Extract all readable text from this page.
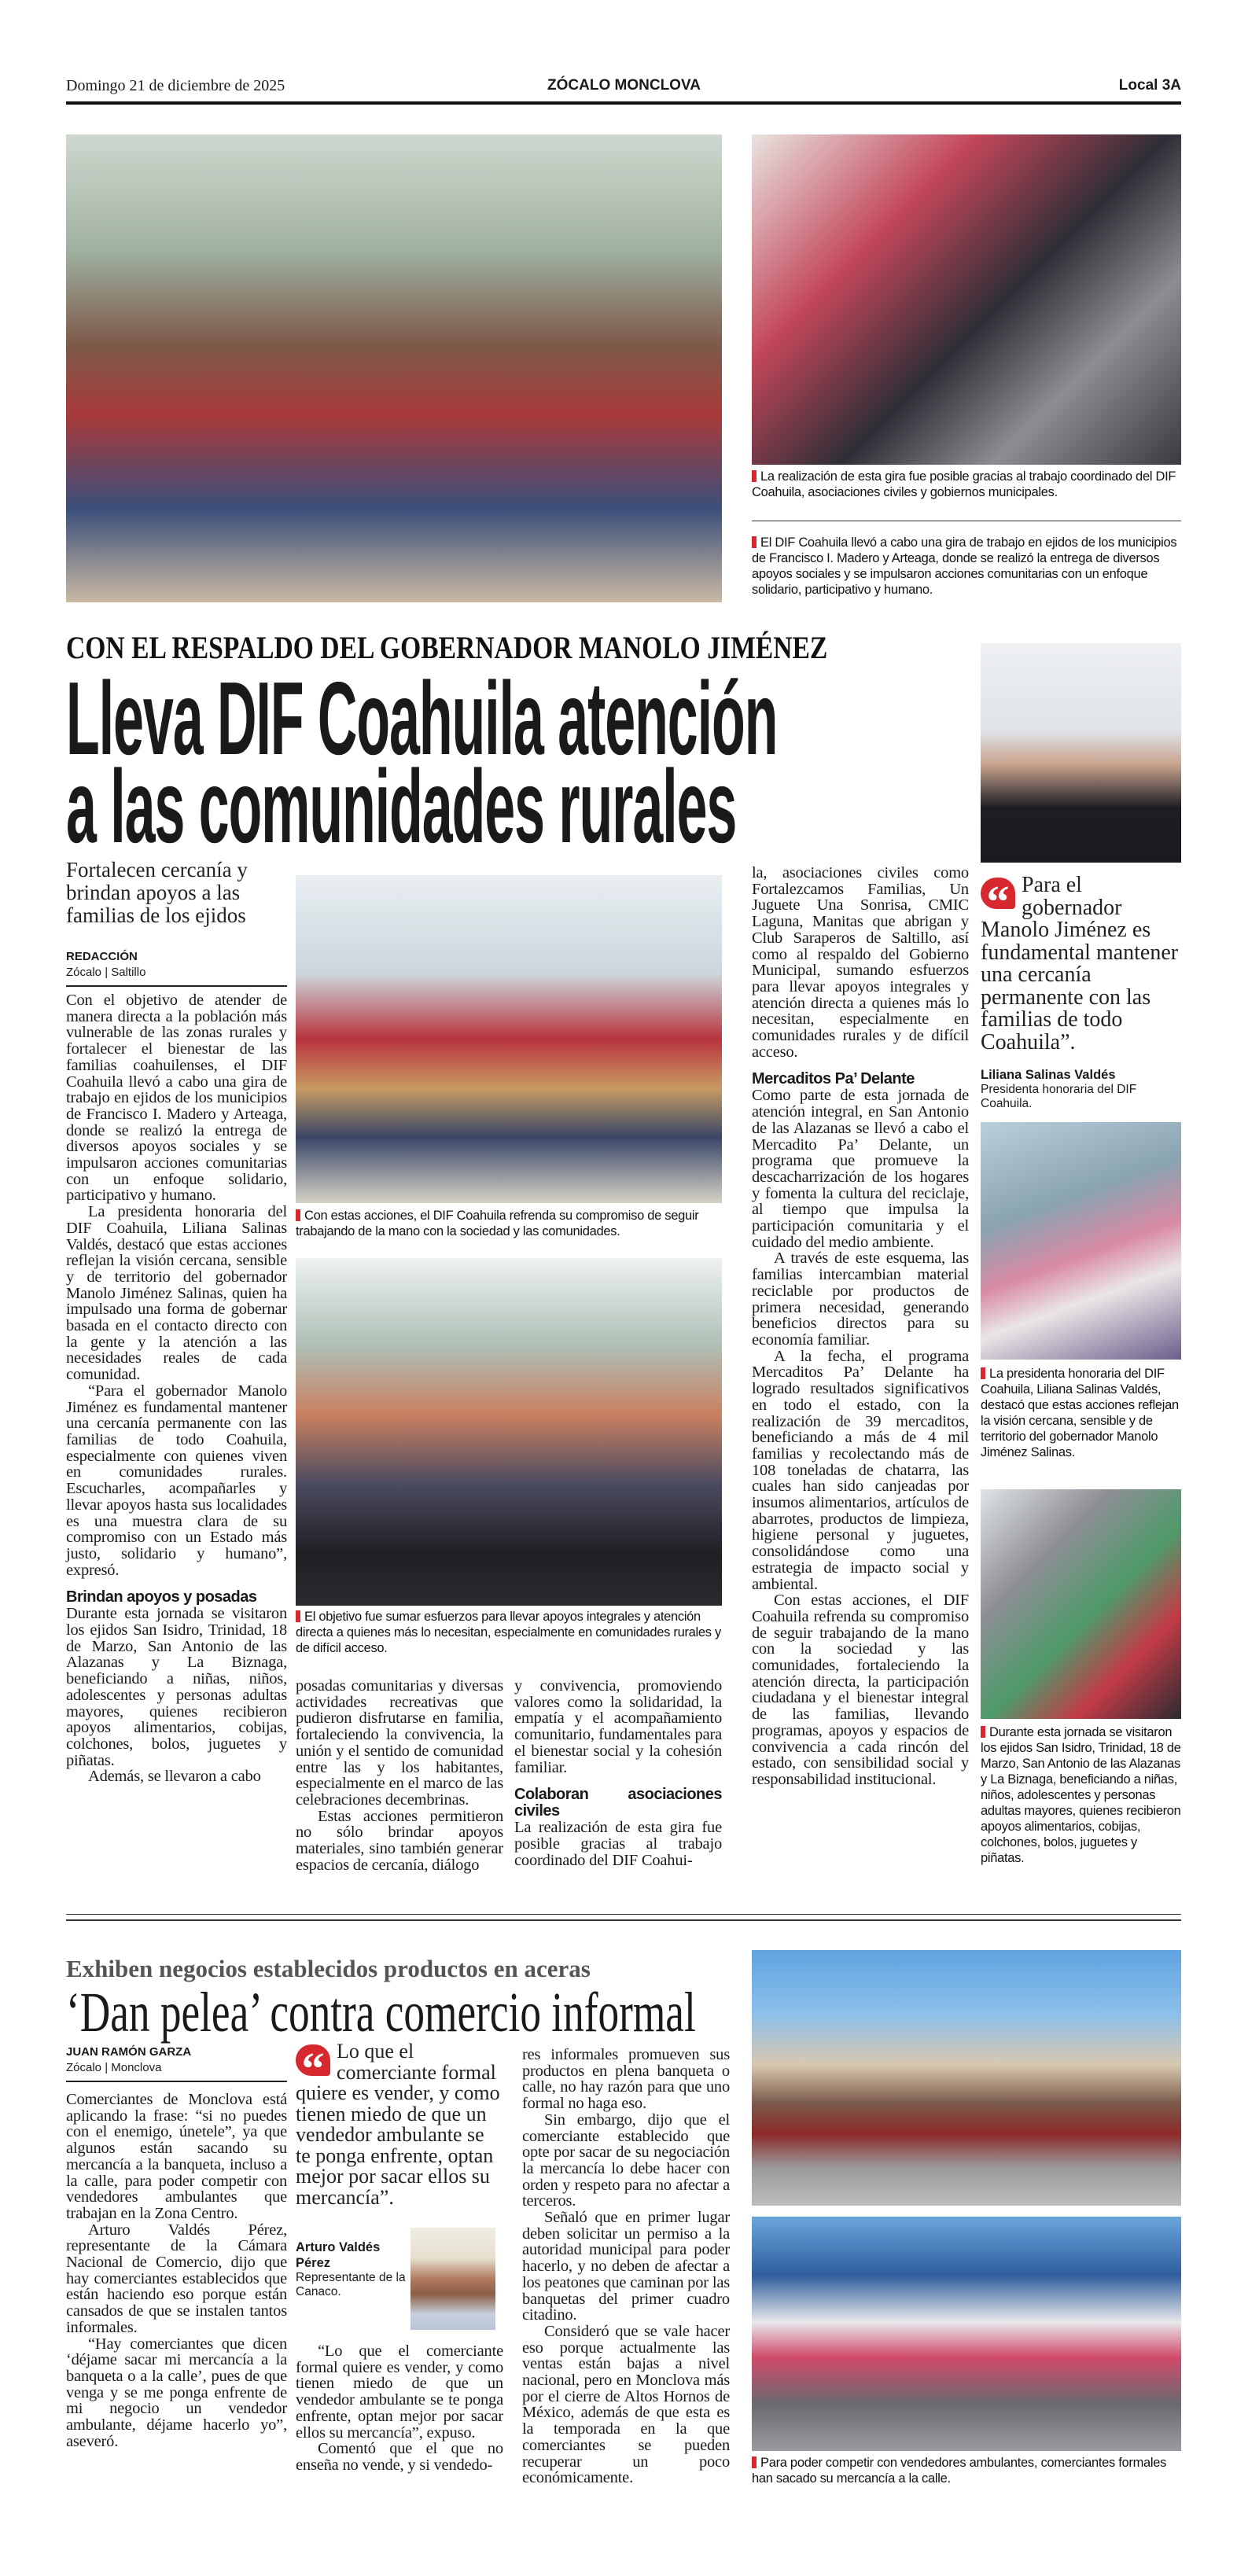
Domingo 21 de diciembre de 2025	ZÓCALO MONCLOVA	Local 3A
La realización de esta gira fue posible gracias al trabajo coordinado del DIF Coahuila, asociaciones civiles y gobiernos municipales.
El DIF Coahuila llevó a cabo una gira de trabajo en ejidos de los municipios de Francisco I. Madero y Arteaga, donde se realizó la entrega de diversos apoyos sociales y se impulsaron acciones comunitarias con un enfoque solidario, participativo y humano.
CON EL RESPALDO DEL GOBERNADOR MANOLO JIMÉNEZ
Lleva DIF Coahuila atención
a las comunidades rurales
“ Para el gobernador Manolo Jiménez es fundamental mantener una cercanía permanente con las familias de todo Coahuila”.
Liliana Salinas Valdés
Presidenta honoraria del DIF Coahuila.
La presidenta honoraria del DIF Coahuila, Liliana Salinas Valdés, destacó que estas acciones reflejan la visión cercana, sensible y de territorio del gobernador Manolo Jiménez Salinas.
Durante esta jornada se visitaron los ejidos San Isidro, Trinidad, 18 de Marzo, San Antonio de las Alazanas y La Biznaga, beneficiando a niñas, niños, adolescentes y personas adultas mayores, quienes recibieron apoyos alimentarios, cobijas, colchones, bolos, juguetes y piñatas.
Fortalecen cercanía y brindan apoyos a las familias de los ejidos
REDACCIÓN
Zócalo | Saltillo

Con el objetivo de atender de manera directa a la población más vulnerable de las zonas rurales y fortalecer el bienestar de las familias coahuilenses, el DIF Coahuila llevó a cabo una gira de trabajo en ejidos de los municipios de Francisco I. Madero y Arteaga, donde se realizó la entrega de diversos apoyos sociales y se impulsaron acciones comunitarias con un enfoque solidario, participativo y humano.

La presidenta honoraria del DIF Coahuila, Liliana Salinas Valdés, destacó que estas acciones reflejan la visión cercana, sensible y de territorio del gobernador Manolo Jiménez Salinas, quien ha impulsado una forma de gobernar basada en el contacto directo con la gente y la atención a las necesidades reales de cada comunidad.

“Para el gobernador Manolo Jiménez es fundamental mantener una cercanía permanente con las familias de todo Coahuila, especialmente con quienes viven en comunidades rurales. Escucharles, acompañarles y llevar apoyos hasta sus localidades es una muestra clara de su compromiso con un Estado más justo, solidario y humano”, expresó.

Brindan apoyos y posadas

Durante esta jornada se visitaron los ejidos San Isidro, Trinidad, 18 de Marzo, San Antonio de las Alazanas y La Biznaga, beneficiando a niñas, niños, adolescentes y personas adultas mayores, quienes recibieron apoyos alimentarios, cobijas, colchones, bolos, juguetes y piñatas.

Además, se llevaron a cabo

Con estas acciones, el DIF Coahuila refrenda su compromiso de seguir trabajando de la mano con la sociedad y las comunidades.
El objetivo fue sumar esfuerzos para llevar apoyos integrales y atención directa a quienes más lo necesitan, especialmente en comunidades rurales y de difícil acceso.

posadas comunitarias y diversas actividades recreativas que pudieron disfrutarse en familia, fortaleciendo la convivencia, la unión y el sentido de comunidad entre las y los habitantes, especialmente en el marco de las celebraciones decembrinas.

Estas acciones permitieron no sólo brindar apoyos materiales, sino también generar espacios de cercanía, diálogo

y convivencia, promoviendo valores como la solidaridad, la empatía y el acompañamiento comunitario, fundamentales para el bienestar social y la cohesión familiar.

Colaboran asociaciones civiles

La realización de esta gira fue posible gracias al trabajo coordinado del DIF Coahui-

la, asociaciones civiles como Fortalezcamos Familias, Un Juguete Una Sonrisa, CMIC Laguna, Manitas que abrigan y Club Saraperos de Saltillo, así como al respaldo del Gobierno Municipal, sumando esfuerzos para llevar apoyos integrales y atención directa a quienes más lo necesitan, especialmente en comunidades rurales y de difícil acceso.

Mercaditos Pa’ Delante

Como parte de esta jornada de atención integral, en San Antonio de las Alazanas se llevó a cabo el Mercadito Pa’ Delante, un programa que promueve la descacharrización de los hogares y fomenta la cultura del reciclaje, al tiempo que impulsa la participación comunitaria y el cuidado del medio ambiente.

A través de este esquema, las familias intercambian material reciclable por productos de primera necesidad, generando beneficios directos para su economía familiar.

A la fecha, el programa Mercaditos Pa’ Delante ha logrado resultados significativos en todo el estado, con la realización de 39 mercaditos, beneficiando a más de 4 mil familias y recolectando más de 108 toneladas de chatarra, las cuales han sido canjeadas por insumos alimentarios, artículos de abarrotes, productos de limpieza, higiene personal y juguetes, consolidándose como una estrategia de impacto social y ambiental.

Con estas acciones, el DIF Coahuila refrenda su compromiso de seguir trabajando de la mano con la sociedad y las comunidades, fortaleciendo la atención directa, la participación ciudadana y el bienestar integral de las familias, llevando programas, apoyos y espacios de convivencia a cada rincón del estado, con sensibilidad social y responsabilidad institucional.

Exhiben negocios establecidos productos en aceras
‘Dan pelea’ contra comercio informal
JUAN RAMÓN GARZA
Zócalo | Monclova

Comerciantes de Monclova está aplicando la frase: “si no puedes con el enemigo, únetele”, ya que algunos están sacando su mercancía a la banqueta, incluso a la calle, para poder competir con vendedores ambulantes que trabajan en la Zona Centro.

Arturo Valdés Pérez, representante de la Cámara Nacional de Comercio, dijo que hay comerciantes establecidos que están haciendo eso porque están cansados de que se instalen tantos informales.

“Hay comerciantes que dicen ‘déjame sacar mi mercancía a la banqueta o a la calle’, pues de que venga y se me ponga enfrente de mi negocio un vendedor ambulante, déjame hacerlo yo”, aseveró.

“ Lo que el comerciante formal quiere es vender, y como tienen miedo de que un vendedor ambulante se te ponga enfrente, optan mejor por sacar ellos su mercancía”.
Arturo Valdés Pérez
Representante de la Canaco.

“Lo que el comerciante formal quiere es vender, y como tienen miedo de que un vendedor ambulante se te ponga enfrente, optan mejor por sacar ellos su mercancía”, expuso.

Comentó que el que no enseña no vende, y si vendedo-

res informales promueven sus productos en plena banqueta o calle, no hay razón para que uno formal no haga eso.

Sin embargo, dijo que el comerciante establecido que opte por sacar de su negociación la mercancía lo debe hacer con orden y respeto para no afectar a terceros.

Señaló que en primer lugar deben solicitar un permiso a la autoridad municipal para poder hacerlo, y no deben de afectar a los peatones que caminan por las banquetas del primer cuadro citadino.

Consideró que se vale hacer eso porque actualmente las ventas están bajas a nivel nacional, pero en Monclova más por el cierre de Altos Hornos de México, además de que esta es la temporada en la que comerciantes se pueden recuperar un poco económicamente.

Para poder competir con vendedores ambulantes, comerciantes formales han sacado su mercancía a la calle.
